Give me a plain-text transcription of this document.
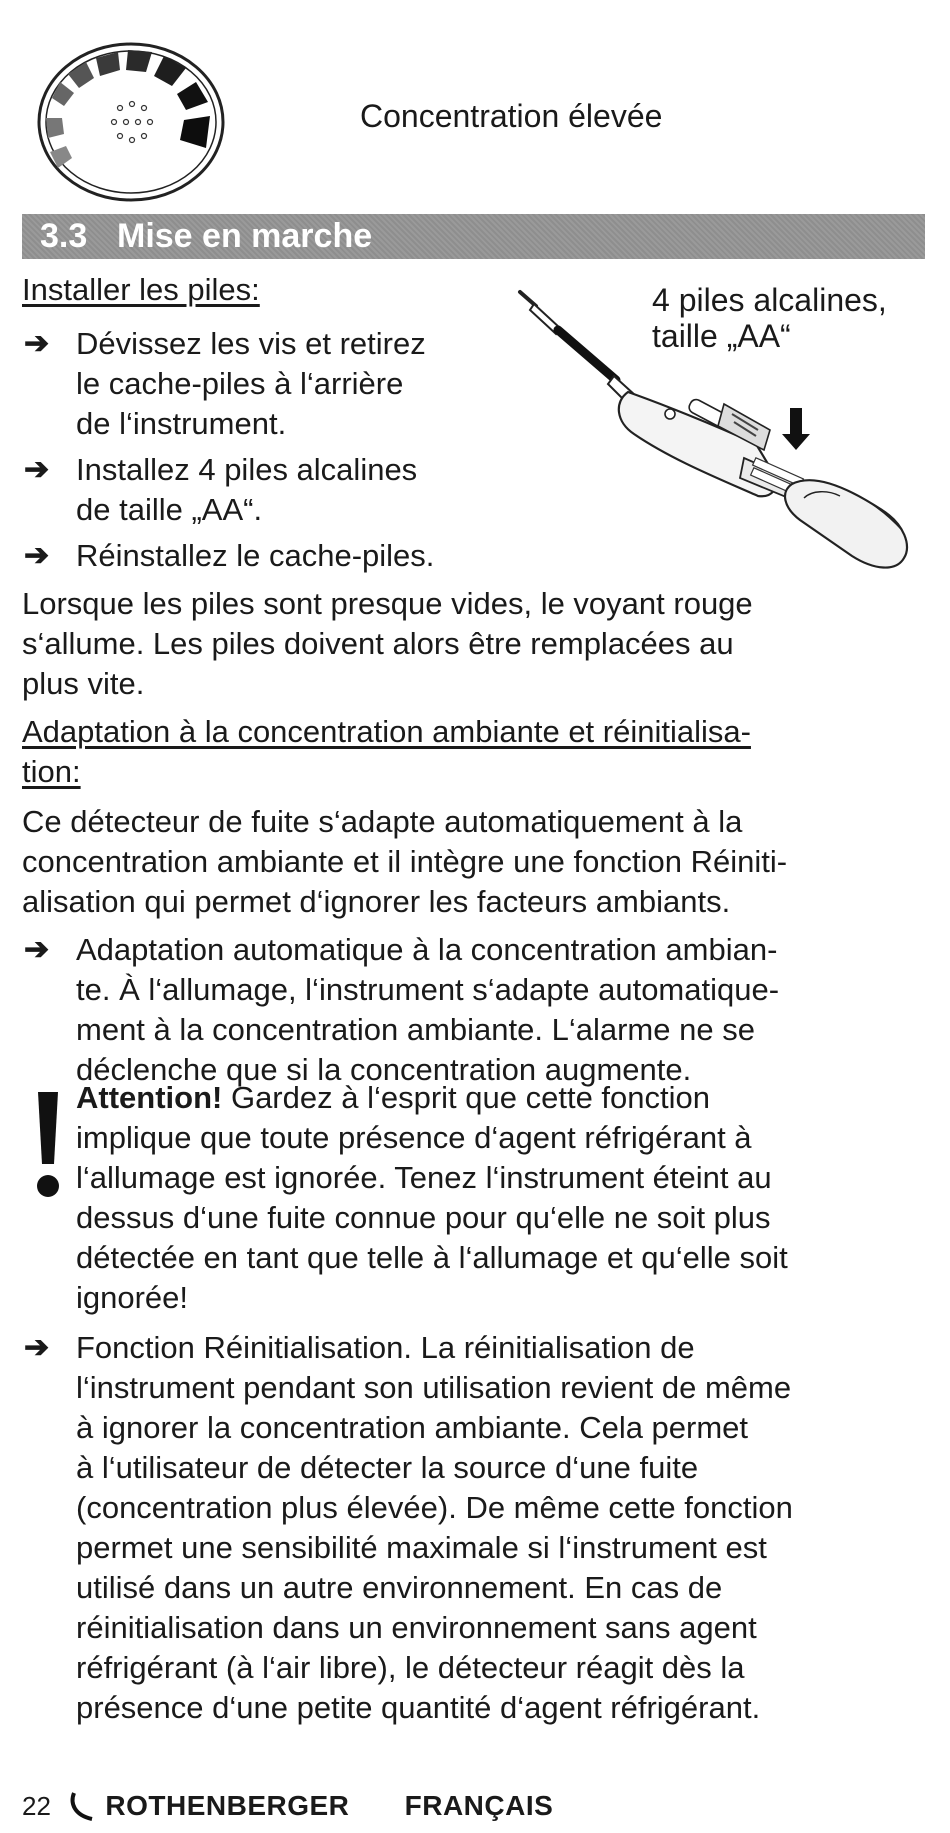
Concentration élevée
3.3 Mise en marche
Installer les piles:
➔ Dévissez les vis et retirez
le cache-piles à l‘arrière
de l‘instrument.
➔ Installez 4 piles alcalines
de taille „AA“.
➔ Réinstallez le cache-piles.
4 piles alcalines,
taille „AA“
Lorsque les piles sont presque vides, le voyant rouge
s‘allume. Les piles doivent alors être remplacées au
plus vite.
Adaptation à la concentration ambiante et réinitialisa-
tion:
Ce détecteur de fuite s‘adapte automatiquement à la
concentration ambiante et il intègre une fonction Réiniti-
alisation qui permet d‘ignorer les facteurs ambiants.
➔ Adaptation automatique à la concentration ambian-
te. À l‘allumage, l‘instrument s‘adapte automatique-
ment à la concentration ambiante. L‘alarme ne se
déclenche que si la concentration augmente.
Attention! Gardez à l‘esprit que cette fonction
implique que toute présence d‘agent réfrigérant à
l‘allumage est ignorée. Tenez l‘instrument éteint au
dessus d‘une fuite connue pour qu‘elle ne soit plus
détectée en tant que telle à l‘allumage et qu‘elle soit
ignorée!
➔ Fonction Réinitialisation. La réinitialisation de
l‘instrument pendant son utilisation revient de même
à ignorer la concentration ambiante. Cela permet
à l‘utilisateur de détecter la source d‘une fuite
(concentration plus élevée). De même cette fonction
permet une sensibilité maximale si l‘instrument est
utilisé dans un autre environnement. En cas de
réinitialisation dans un environnement sans agent
réfrigérant (à l‘air libre), le détecteur réagit dès la
présence d‘une petite quantité d‘agent réfrigérant.
22 ROTHENBERGER FRANÇAIS
